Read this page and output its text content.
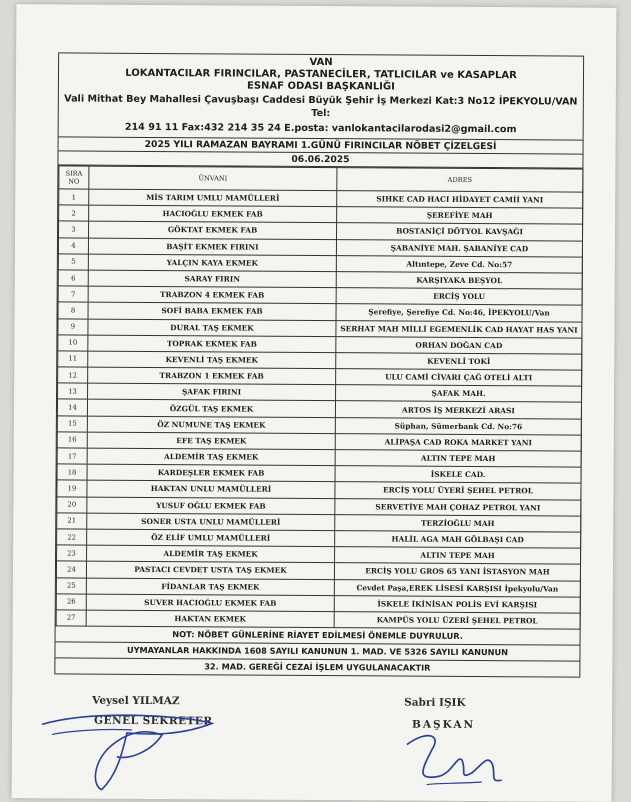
VAN
LOKANTACILAR FIRINCILAR, PASTANECİLER, TATLICILAR ve KASAPLAR
ESNAF ODASI BAŞKANLIĞI
Vali Mithat Bey Mahallesi Çavuşbaşı Caddesi Büyük Şehir İş Merkezi Kat:3 No12 İPEKYOLU/VAN Tel:
214 91 11 Fax:432 214 35 24 E.posta: vanlokantacilarodasi2@gmail.com
2025 YILI RAMAZAN BAYRAMI 1.GÜNÜ FIRINCILAR NÖBET ÇİZELGESİ
06.06.2025
SIRA NO	ÜNVANI	ADRES
1	MİS TARIM UMLU MAMÜLLERİ	SIHKE CAD HACI HİDAYET CAMİİ YANI
2	HACIOĞLU EKMEK FAB	ŞEREFİYE MAH
3	GÖKTAT EKMEK FAB	BOSTANİÇİ DÖTYOL KAVŞAĞI
4	BAŞİT EKMEK FIRINI	ŞABANİYE MAH. ŞABANİYE CAD
5	YALÇIN KAYA EKMEK	Altıntepe, Zeve Cd. No:57
6	SARAY FIRIN	KARŞIYAKA BEŞYOL
7	TRABZON 4 EKMEK FAB	ERCİŞ YOLU
8	SOFİ BABA EKMEK FAB	Şerefiye, Şerefiye Cd. No:46, İPEKYOLU/Van
9	DURAL TAŞ EKMEK	SERHAT MAH MİLLİ EGEMENLİK CAD HAYAT HAS YANI
10	TOPRAK EKMEK FAB	ORHAN DOĞAN CAD
11	KEVENLİ TAŞ EKMEK	KEVENLİ TOKİ
12	TRABZON 1 EKMEK FAB	ULU CAMİ CİVARI ÇAĞ OTELİ ALTI
13	ŞAFAK FIRINI	ŞAFAK MAH.
14	ÖZGÜL TAŞ EKMEK	ARTOS İŞ MERKEZİ ARASI
15	ÖZ NUMUNE TAŞ EKMEK	Süphan, Sümerbank Cd. No:76
16	EFE TAŞ EKMEK	ALİPAŞA CAD ROKA MARKET YANI
17	ALDEMİR TAŞ EKMEK	ALTIN TEPE MAH
18	KARDEŞLER EKMEK FAB	İSKELE CAD.
19	HAKTAN UNLU MAMÜLLERİ	ERCİŞ YOLU ÜYERİ ŞEHEL PETROL
20	YUSUF OĞLU EKMEK FAB	SERVETİYE MAH ÇOHAZ PETROL YANI
21	SONER USTA UNLU MAMÜLLERİ	TERZİOĞLU MAH
22	ÖZ ELİF UMLU MAMÜLLERİ	HALİL AGA MAH GÖLBAŞI CAD
23	ALDEMİR TAŞ EKMEK	ALTIN TEPE MAH
24	PASTACI CEVDET USTA TAŞ EKMEK	ERCİŞ YOLU GROS 65 YANI İSTASYON MAH
25	FİDANLAR TAŞ EKMEK	Cevdet Paşa,EREK LİSESİ KARŞISI İpekyolu/Van
26	SUVER HACIOĞLU EKMEK FAB	İSKELE İKİNİSAN POLİS EVİ KARŞISI
27	HAKTAN EKMEK	KAMPÜS YOLU ÜZERİ ŞEHEL PETROL
NOT: NÖBET GÜNLERİNE RİAYET EDİLMESİ ÖNEMLE DUYRULUR.
UYMAYANLAR HAKKINDA 1608 SAYILI KANUNUN 1. MAD. VE 5326 SAYILI KANUNUN
32. MAD. GEREĞİ CEZAİ İŞLEM UYGULANACAKTIR
Veysel YILMAZ
GENEL SEKRETER
Sabri IŞIK
BAŞKAN
